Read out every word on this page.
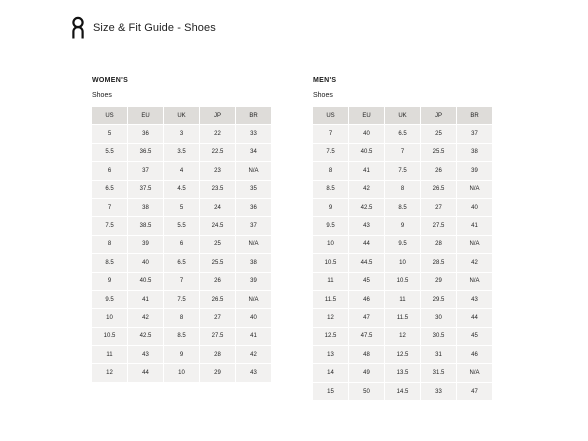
Size & Fit Guide - Shoes
WOMEN'S
Shoes
US	EU	UK	JP	BR
5	36	3	22	33
5.5	36.5	3.5	22.5	34
6	37	4	23	N/A
6.5	37.5	4.5	23.5	35
7	38	5	24	36
7.5	38.5	5.5	24.5	37
8	39	6	25	N/A
8.5	40	6.5	25.5	38
9	40.5	7	26	39
9.5	41	7.5	26.5	N/A
10	42	8	27	40
10.5	42.5	8.5	27.5	41
11	43	9	28	42
12	44	10	29	43
MEN'S
Shoes
US	EU	UK	JP	BR
7	40	6.5	25	37
7.5	40.5	7	25.5	38
8	41	7.5	26	39
8.5	42	8	26.5	N/A
9	42.5	8.5	27	40
9.5	43	9	27.5	41
10	44	9.5	28	N/A
10.5	44.5	10	28.5	42
11	45	10.5	29	N/A
11.5	46	11	29.5	43
12	47	11.5	30	44
12.5	47.5	12	30.5	45
13	48	12.5	31	46
14	49	13.5	31.5	N/A
15	50	14.5	33	47
